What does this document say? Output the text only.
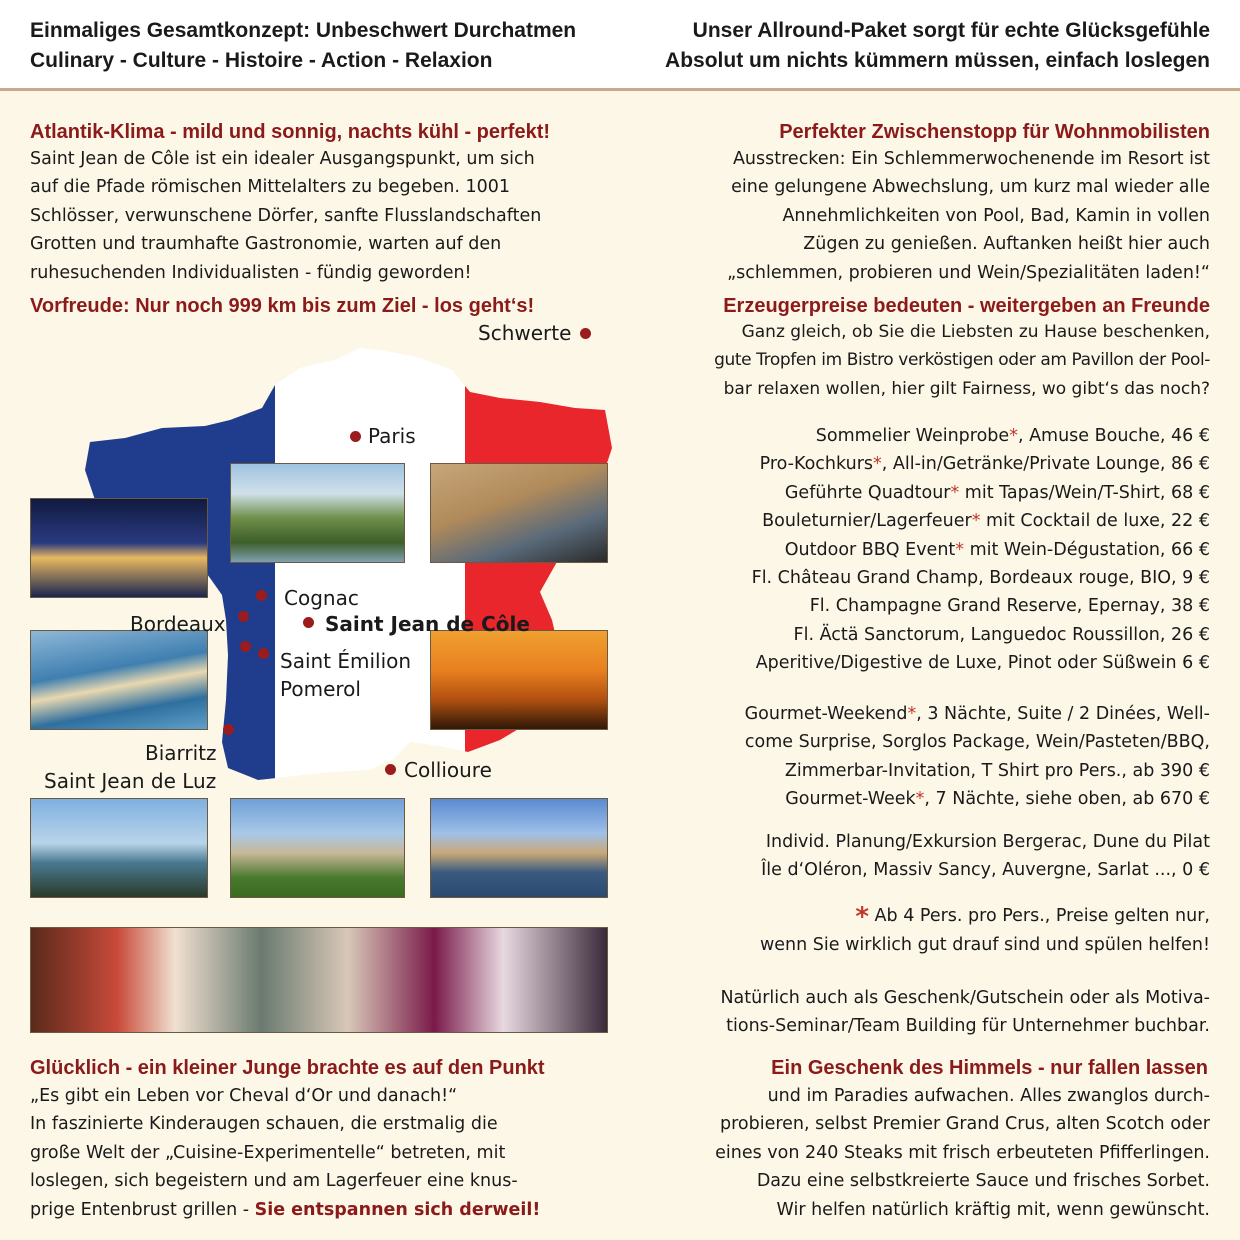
Einmaliges Gesamtkonzept: Unbeschwert Durchatmen
Culinary - Culture - Histoire - Action - Relaxion
Unser Allround-Paket sorgt für echte Glücksgefühle
Absolut um nichts kümmern müssen, einfach loslegen
Atlantik-Klima - mild und sonnig, nachts kühl - perfekt!
Saint Jean de Côle ist ein idealer Ausgangspunkt, um sich
auf die Pfade römischen Mittelalters zu begeben. 1001
Schlösser, verwunschene Dörfer, sanfte Flusslandschaften
Grotten und traumhafte Gastronomie, warten auf den
ruhesuchenden Individualisten - fündig geworden!
Vorfreude: Nur noch 999 km bis zum Ziel - los geht‘s!
Schwerte
Paris
Cognac
Bordeaux	Saint Jean de Côle
Saint Émilion
Pomerol
Biarritz
Saint Jean de Luz	Collioure
Glücklich - ein kleiner Junge brachte es auf den Punkt
„Es gibt ein Leben vor Cheval d‘Or und danach!“
In faszinierte Kinderaugen schauen, die erstmalig die
große Welt der „Cuisine-Experimentelle“ betreten, mit
loslegen, sich begeistern und am Lagerfeuer eine knus-
prige Entenbrust grillen - Sie entspannen sich derweil!
Perfekter Zwischenstopp für Wohnmobilisten
Ausstrecken: Ein Schlemmerwochenende im Resort ist
eine gelungene Abwechslung, um kurz mal wieder alle
Annehmlichkeiten von Pool, Bad, Kamin in vollen
Zügen zu genießen. Auftanken heißt hier auch
„schlemmen, probieren und Wein/Spezialitäten laden!“
Erzeugerpreise bedeuten - weitergeben an Freunde
Ganz gleich, ob Sie die Liebsten zu Hause beschenken,
gute Tropfen im Bistro verköstigen oder am Pavillon der Pool-
bar relaxen wollen, hier gilt Fairness, wo gibt‘s das noch?
Sommelier Weinprobe*, Amuse Bouche, 46 €
Pro-Kochkurs*, All-in/Getränke/Private Lounge, 86 €
Geführte Quadtour* mit Tapas/Wein/T-Shirt, 68 €
Bouleturnier/Lagerfeuer* mit Cocktail de luxe, 22 €
Outdoor BBQ Event* mit Wein-Dégustation, 66 €
Fl. Château Grand Champ, Bordeaux rouge, BIO, 9 €
Fl. Champagne Grand Reserve, Epernay, 38 €
Fl. Äctä Sanctorum, Languedoc Roussillon, 26 €
Aperitive/Digestive de Luxe, Pinot oder Süßwein 6 €
Gourmet-Weekend*, 3 Nächte, Suite / 2 Dinées, Well-
come Surprise, Sorglos Package, Wein/Pasteten/BBQ,
Zimmerbar-Invitation, T Shirt pro Pers., ab 390 €
Gourmet-Week*, 7 Nächte, siehe oben, ab 670 €
Individ. Planung/Exkursion Bergerac, Dune du Pilat
Île d‘Oléron, Massiv Sancy, Auvergne, Sarlat ..., 0 €
* Ab 4 Pers. pro Pers., Preise gelten nur,
wenn Sie wirklich gut drauf sind und spülen helfen!
Natürlich auch als Geschenk/Gutschein oder als Motiva-
tions-Seminar/Team Building für Unternehmer buchbar.
Ein Geschenk des Himmels - nur fallen lassen
und im Paradies aufwachen. Alles zwanglos durch-
probieren, selbst Premier Grand Crus, alten Scotch oder
eines von 240 Steaks mit frisch erbeuteten Pfifferlingen.
Dazu eine selbstkreierte Sauce und frisches Sorbet.
Wir helfen natürlich kräftig mit, wenn gewünscht.
